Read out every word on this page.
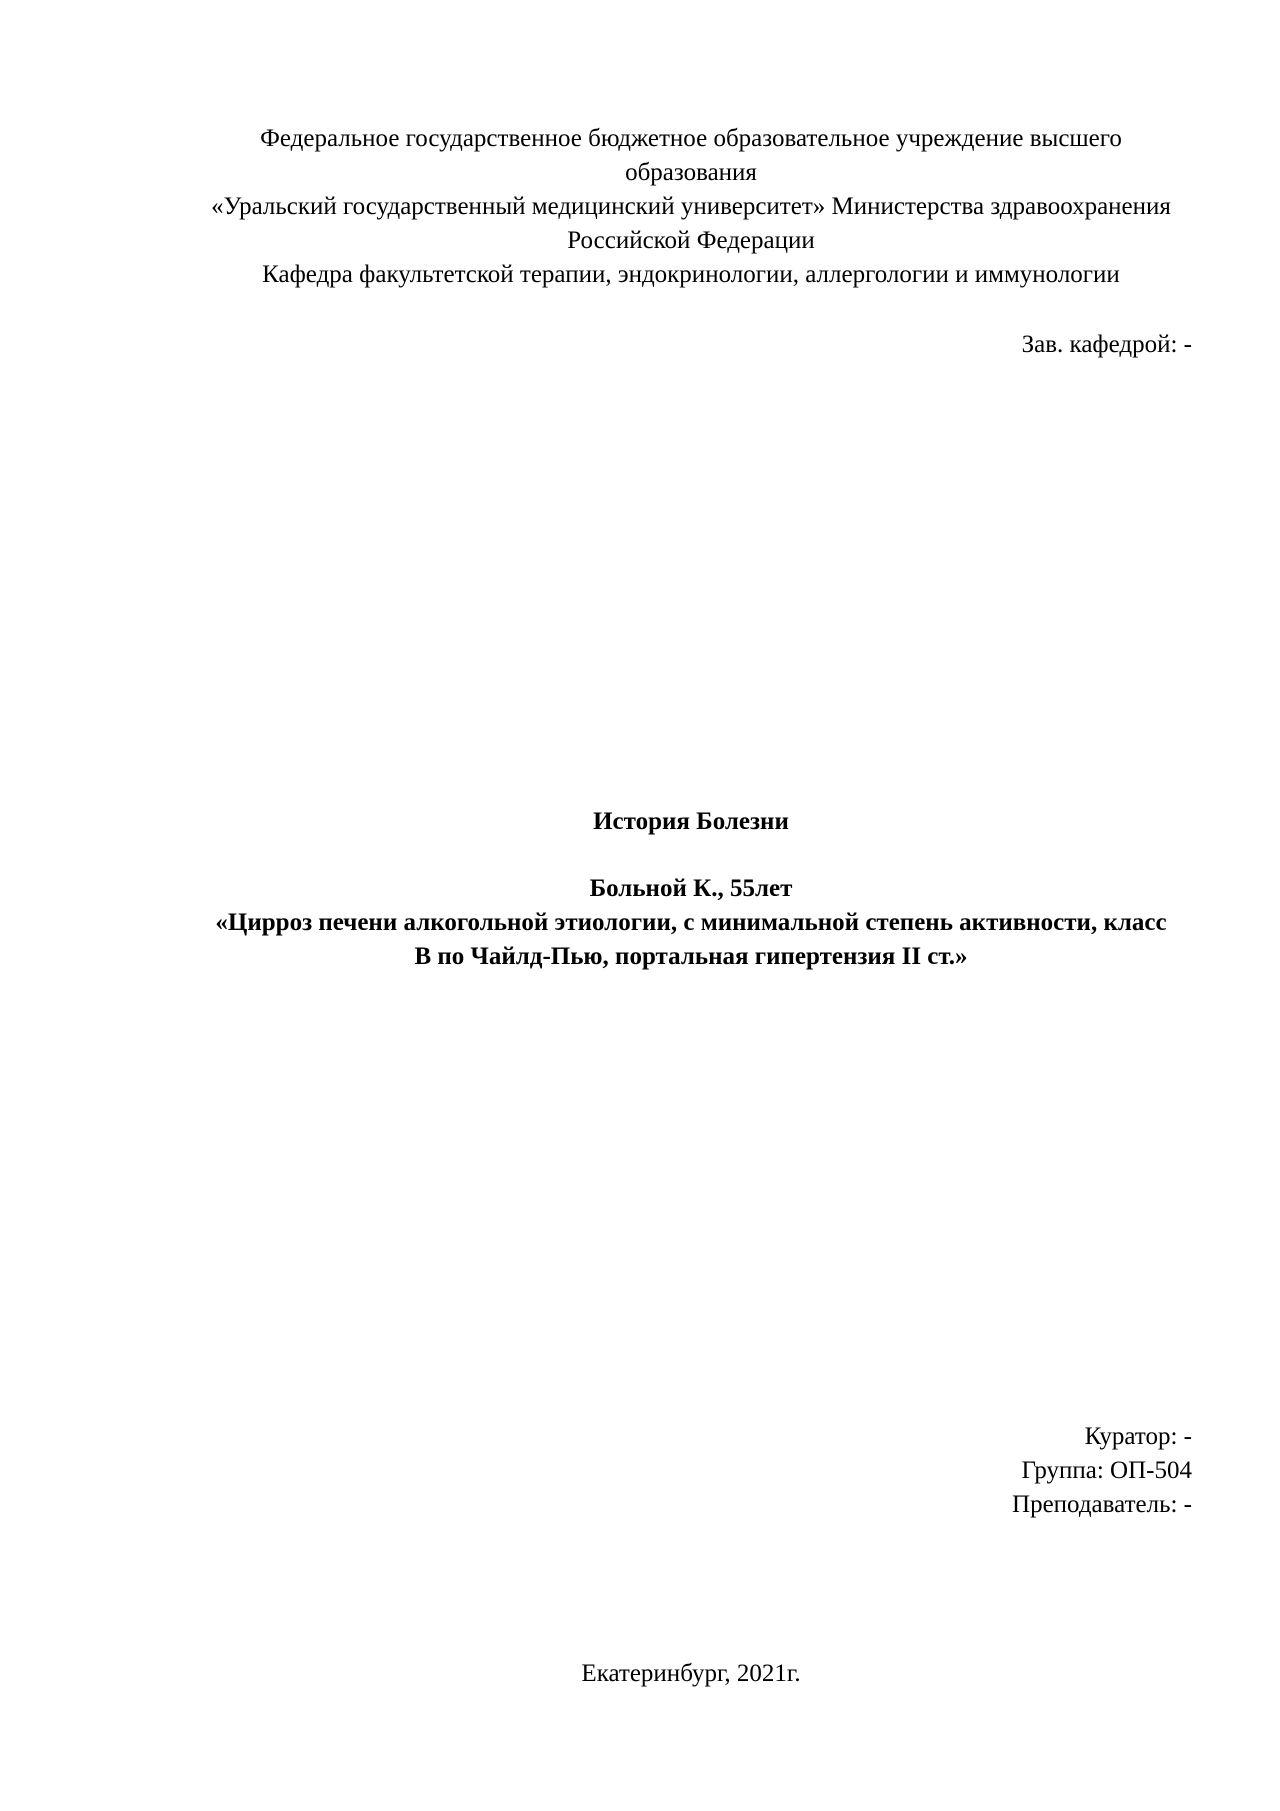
Федеральное государственное бюджетное образовательное учреждение высшего
образования
«Уральский государственный медицинский университет» Министерства здравоохранения
Российской Федерации
Кафедра факультетской терапии, эндокринологии, аллергологии и иммунологии
Зав. кафедрой: -
История Болезни
Больной К., 55лет
«Цирроз печени алкогольной этиологии, с минимальной степень активности, класс
В по Чайлд-Пью, портальная гипертензия II ст.»
Куратор: -
Группа: ОП-504
Преподаватель: -
Екатеринбург, 2021г.
